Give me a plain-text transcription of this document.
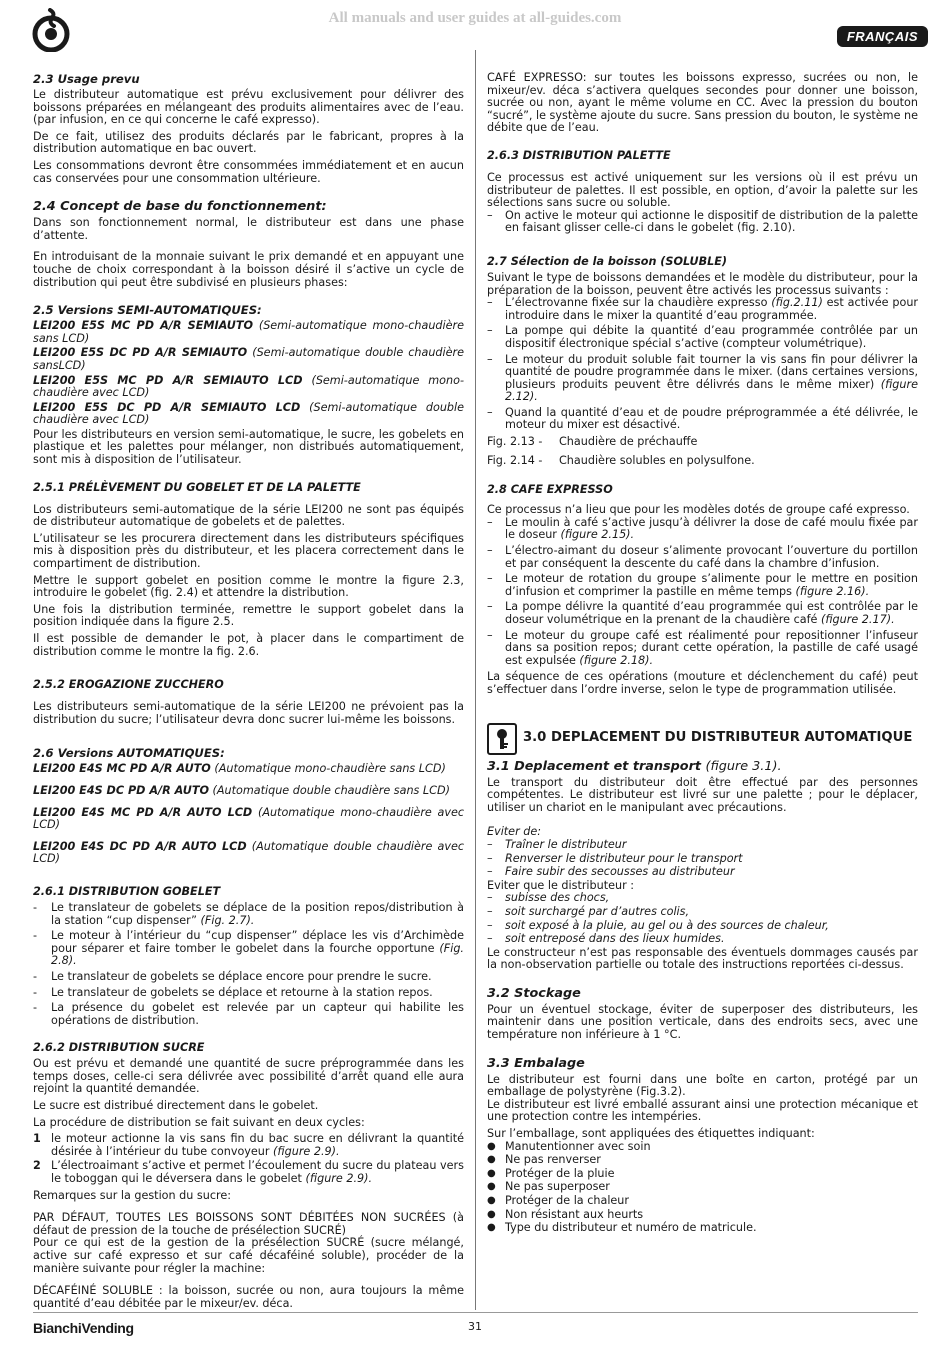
All manuals and user guides at all-guides.com
FRANÇAIS
2.3 Usage prevu

Le distributeur automatique est prévu exclusivement pour délivrer des boissons préparées en mélangeant des produits alimentaires avec de l’eau. (par infusion, en ce qui concerne le café expresso).

De ce fait, utilisez des produits déclarés par le fabricant, propres à la distribution automatique en bac ouvert.

Les consommations devront être consommées immédiatement et en aucun cas conservées pour une consommation ultérieure.

2.4 Concept de base du fonctionnement:

Dans son fonctionnement normal, le distributeur est dans une phase d’attente.

En introduisant de la monnaie suivant le prix demandé et en appuyant une touche de choix correspondant à la boisson désiré il s’active un cycle de distribution qui peut être subdivisé en plusieurs phases:

2.5 Versions SEMI-AUTOMATIQUES:

LEI200 E5S MC PD A/R SEMIAUTO (Semi-automatique mono-chaudière sans LCD)

LEI200 E5S DC PD A/R SEMIAUTO (Semi-automatique double chaudière sansLCD)

LEI200 E5S MC PD A/R SEMIAUTO LCD (Semi-automatique mono-chaudière avec LCD)

LEI200 E5S DC PD A/R SEMIAUTO LCD (Semi-automatique double chaudière avec LCD)

Pour les distributeurs en version semi-automatique, le sucre, les gobelets en plastique et les palettes pour mélanger, non distribués automatiquement, sont mis à disposition de l’utilisateur.

2.5.1 PRÉLÈVEMENT DU GOBELET ET DE LA PALETTE

Los distributeurs semi-automatique de la série LEI200 ne sont pas équipés de distributeur automatique de gobelets et de palettes.

L’utilisateur se les procurera directement dans les distributeurs spécifiques mis à disposition près du distributeur, et les placera correctement dans le compartiment de distribution.

Mettre le support gobelet en position comme le montre la figure 2.3, introduire le gobelet (fig. 2.4) et attendre la distribution.

Une fois la distribution terminée, remettre le support gobelet dans la position indiquée dans la figure 2.5.

Il est possible de demander le pot, à placer dans le compartiment de distribution comme le montre la fig. 2.6.

2.5.2 EROGAZIONE ZUCCHERO

Les distributeurs semi-automatique de la série LEI200 ne prévoient pas la distribution du sucre; l’utilisateur devra donc sucrer lui-même les boissons.

2.6 Versions AUTOMATIQUES:

LEI200 E4S MC PD A/R AUTO (Automatique mono-chaudière sans LCD)

LEI200 E4S DC PD A/R AUTO (Automatique double chaudière sans LCD)

LEI200 E4S MC PD A/R AUTO LCD (Automatique mono-chaudière avec LCD)

LEI200 E4S DC PD A/R AUTO LCD (Automatique double chaudière avec LCD)

2.6.1 DISTRIBUTION GOBELET
- Le translateur de gobelets se déplace de la position repos/distribution à la station “cup dispenser” (Fig. 2.7).
- Le moteur à l’intérieur du “cup dispenser” déplace les vis d’Archimède pour séparer et faire tomber le gobelet dans la fourche opportune (Fig. 2.8).
- Le translateur de gobelets se déplace encore pour prendre le sucre.
- Le translateur de gobelets se déplace et retourne à la station repos.
- La présence du gobelet est relevée par un capteur qui habilite les opérations de distribution.
2.6.2 DISTRIBUTION SUCRE

Ou est prévu et demandé une quantité de sucre préprogrammée dans les temps doses, celle-ci sera délivrée avec possibilité d’arrêt quand elle aura rejoint la quantité demandée.

Le sucre est distribué directement dans le gobelet.

La procédure de distribution se fait suivant en deux cycles:

1 le moteur actionne la vis sans fin du bac sucre en délivrant la quantité désirée à l’intérieur du tube convoyeur (figure 2.9).
2 L’électroaimant s’active et permet l’écoulement du sucre du plateau vers le toboggan qui le déversera dans le gobelet (figure 2.9).

Remarques sur la gestion du sucre:

PAR DÉFAUT, TOUTES LES BOISSONS SONT DÉBITÉES NON SUCRÉES (à défaut de pression de la touche de présélection SUCRÉ)

Pour ce qui est de la gestion de la présélection SUCRÉ (sucre mélangé, active sur café expresso et sur café décaféiné soluble), procéder de la manière suivante pour régler la machine:

DÉCAFÉINÉ SOLUBLE : la boisson, sucrée ou non, aura toujours la même quantité d’eau débitée par le mixeur/ev. déca.

CAFÉ EXPRESSO: sur toutes les boissons expresso, sucrées ou non, le mixeur/ev. déca s’activera quelques secondes pour donner une boisson, sucrée ou non, ayant le même volume en CC. Avec la pression du bouton “sucré”, le système ajoute du sucre. Sans pression du bouton, le système ne débite que de l’eau.

2.6.3 DISTRIBUTION PALETTE

Ce processus est activé uniquement sur les versions où il est prévu un distributeur de palettes. Il est possible, en option, d’avoir la palette sur les sélections sans sucre ou soluble.

– On active le moteur qui actionne le dispositif de distribution de la palette en faisant glisser celle-ci dans le gobelet (fig. 2.10).
2.7 Sélection de la boisson (SOLUBLE)

Suivant le type de boissons demandées et le modèle du distributeur, pour la préparation de la boisson, peuvent être activés les processus suivants :

– L’électrovanne fixée sur la chaudière expresso (fig.2.11) est activée pour introduire dans le mixer la quantité d’eau programmée.
– La pompe qui débite la quantité d’eau programmée contrôlée par un dispositif électronique spécial s’active (compteur volumétrique).
– Le moteur du produit soluble fait tourner la vis sans fin pour délivrer la quantité de poudre programmée dans le mixer. (dans certaines versions, plusieurs produits peuvent être délivrés dans le même mixer) (figure 2.12).
– Quand la quantité d’eau et de poudre préprogrammée a été délivrée, le moteur du mixer est désactivé.

Fig. 2.13 - Chaudière de préchauffe

Fig. 2.14 - Chaudière solubles en polysulfone.

2.8 CAFE EXPRESSO

Ce processus n’a lieu que pour les modèles dotés de groupe café expresso.

– Le moulin à café s’active jusqu’à délivrer la dose de café moulu fixée par le doseur (figure 2.15).
– L’électro-aimant du doseur s’alimente provocant l’ouverture du portillon et par conséquent la descente du café dans la chambre d’infusion.
– Le moteur de rotation du groupe s’alimente pour le mettre en position d’infusion et comprimer la pastille en même temps (figure 2.16).
– La pompe délivre la quantité d’eau programmée qui est contrôlée par le doseur volumétrique en la prenant de la chaudière café (figure 2.17).
– Le moteur du groupe café est réalimenté pour repositionner l’infuseur dans sa position repos; durant cette opération, la pastille de café usagé est expulsée (figure 2.18).

La séquence de ces opérations (mouture et déclenchement du café) peut s’effectuer dans l’ordre inverse, selon le type de programmation utilisée.

3.0 DEPLACEMENT DU DISTRIBUTEUR AUTOMATIQUE
3.1 Deplacement et transport (figure 3.1).

Le transport du distributeur doit être effectué par des personnes compétentes. Le distributeur est livré sur une palette ; pour le déplacer, utiliser un chariot en le manipulant avec précautions.

Eviter de:

– Traîner le distributeur
– Renverser le distributeur pour le transport
– Faire subir des secousses au distributeur

Eviter que le distributeur :

– subisse des chocs,
– soit surchargé par d’autres colis,
– soit exposé à la pluie, au gel ou à des sources de chaleur,
– soit entreposé dans des lieux humides.

Le constructeur n’est pas responsable des éventuels dommages causés par la non-observation partielle ou totale des instructions reportées ci-dessus.

3.2 Stockage

Pour un éventuel stockage, éviter de superposer des distributeurs, les maintenir dans une position verticale, dans des endroits secs, avec une température non inférieure à 1 °C.

3.3 Embalage

Le distributeur est fourni dans une boîte en carton, protégé par un emballage de polystyrène (Fig.3.2).

Le distributeur est livré emballé assurant ainsi une protection mécanique et une protection contre les intempéries.

Sur l’emballage, sont appliquées des étiquettes indiquant:

● Manutentionner avec soin
● Ne pas renverser
● Protéger de la pluie
● Ne pas superposer
● Protéger de la chaleur
● Non résistant aux heurts
● Type du distributeur et numéro de matricule.
BianchiVending	31
